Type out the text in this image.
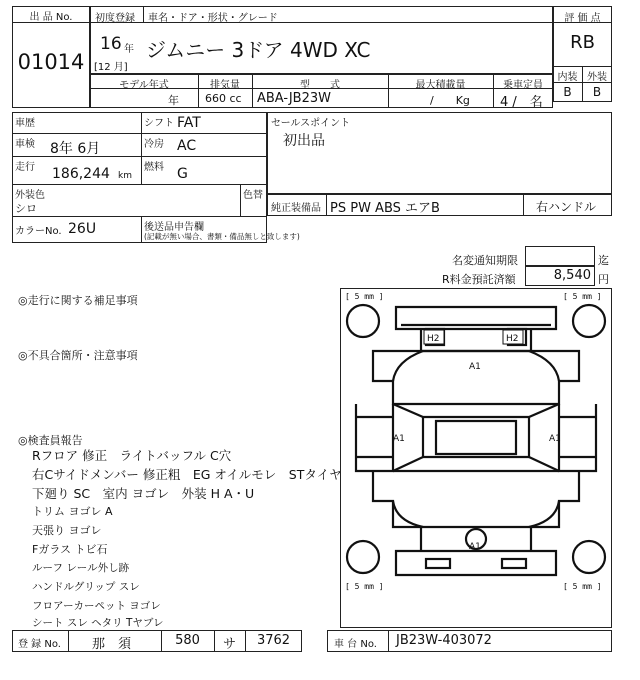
出 品 No.
01014
初度登録 車名・ドア・形状・グレード
16 年
[12 月]
ジムニー 3ドア 4WD XC
評 価 点
RB
内装 外装
B	B
モデル年式	排気量	型　　式	最大積載量	乗車定員
年 660 cc ABA-JB23W	/　　Kg 4 /　名
車歴	シフト FAT
車検 8年 6月	冷房 AC
走行 186,244 km
燃料 G
外装色
シロ
色替
カラーNo. 26U	後送品申告欄
(記載が無い場合、書類・備品無しと致します)
セールスポイント
初出品
純正装備品 PS PW ABS エアB	右ハンドル
名変通知期限	迄
R料金預託済額	8,540 円
◎走行に関する補足事項
◎不具合箇所・注意事項
◎検査員報告
Rフロア 修正　ライトバッフル C穴
右Cサイドメンバー 修正粗　EG オイルモレ　STタイヤ
下廻り SC　室内 ヨゴレ　外装 H A・U
トリム ヨゴレ A
天張り ヨゴレ
Fガラス トビ石
ルーフ レール外し跡
ハンドルグリップ スレ
フロアーカーペット ヨゴレ
シート スレ ヘタリ Tヤブレ
[ 5 mm ]	[ 5 mm ]
[ 5 mm ]	[ 5 mm ]
H2	H2
A1
A1	A1
A1
登 録 No. 那　須	580	サ	3762	車 台 No. JB23W-403072
